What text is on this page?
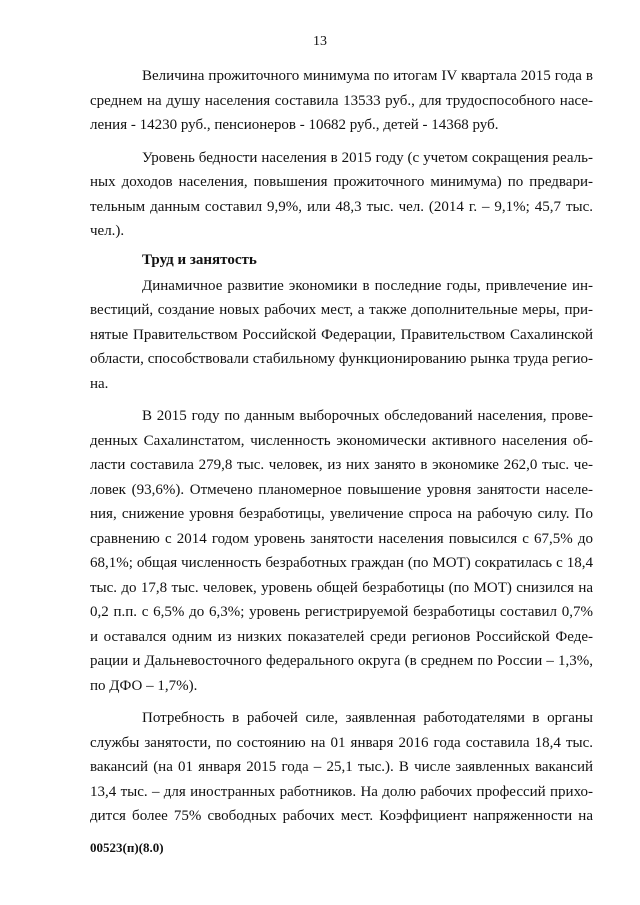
13
Величина прожиточного минимума по итогам IV квартала 2015 года в
среднем на душу населения составила 13533 руб., для трудоспособного насе-
ления - 14230 руб., пенсионеров - 10682 руб., детей - 14368 руб.
Уровень бедности населения в 2015 году (с учетом сокращения реаль-
ных доходов населения, повышения прожиточного минимума) по предвари-
тельным данным составил 9,9%, или 48,3 тыс. чел. (2014 г. – 9,1%; 45,7 тыс.
чел.).
Труд и занятость
Динамичное развитие экономики в последние годы, привлечение ин-
вестиций, создание новых рабочих мест, а также дополнительные меры, при-
нятые Правительством Российской Федерации, Правительством Сахалинской
области, способствовали стабильному функционированию рынка труда регио-
на.
В 2015 году по данным выборочных обследований населения, прове-
денных Сахалинстатом, численность экономически активного населения об-
ласти составила 279,8 тыс. человек, из них занято в экономике 262,0 тыс. че-
ловек (93,6%). Отмечено планомерное повышение уровня занятости населе-
ния, снижение уровня безработицы, увеличение спроса на рабочую силу. По
сравнению с 2014 годом уровень занятости населения повысился с 67,5% до
68,1%; общая численность безработных граждан (по МОТ) сократилась с 18,4
тыс. до 17,8 тыс. человек, уровень общей безработицы (по МОТ) снизился на
0,2 п.п. с 6,5% до 6,3%; уровень регистрируемой безработицы составил 0,7%
и оставался одним из низких показателей среди регионов Российской Феде-
рации и Дальневосточного федерального округа (в среднем по России – 1,3%,
по ДФО – 1,7%).
Потребность в рабочей силе, заявленная работодателями в органы
службы занятости, по состоянию на 01 января 2016 года составила 18,4 тыс.
вакансий (на 01 января 2015 года – 25,1 тыс.). В числе заявленных вакансий
13,4 тыс. – для иностранных работников. На долю рабочих профессий прихо-
дится более 75% свободных рабочих мест. Коэффициент напряженности на
00523(п)(8.0)
